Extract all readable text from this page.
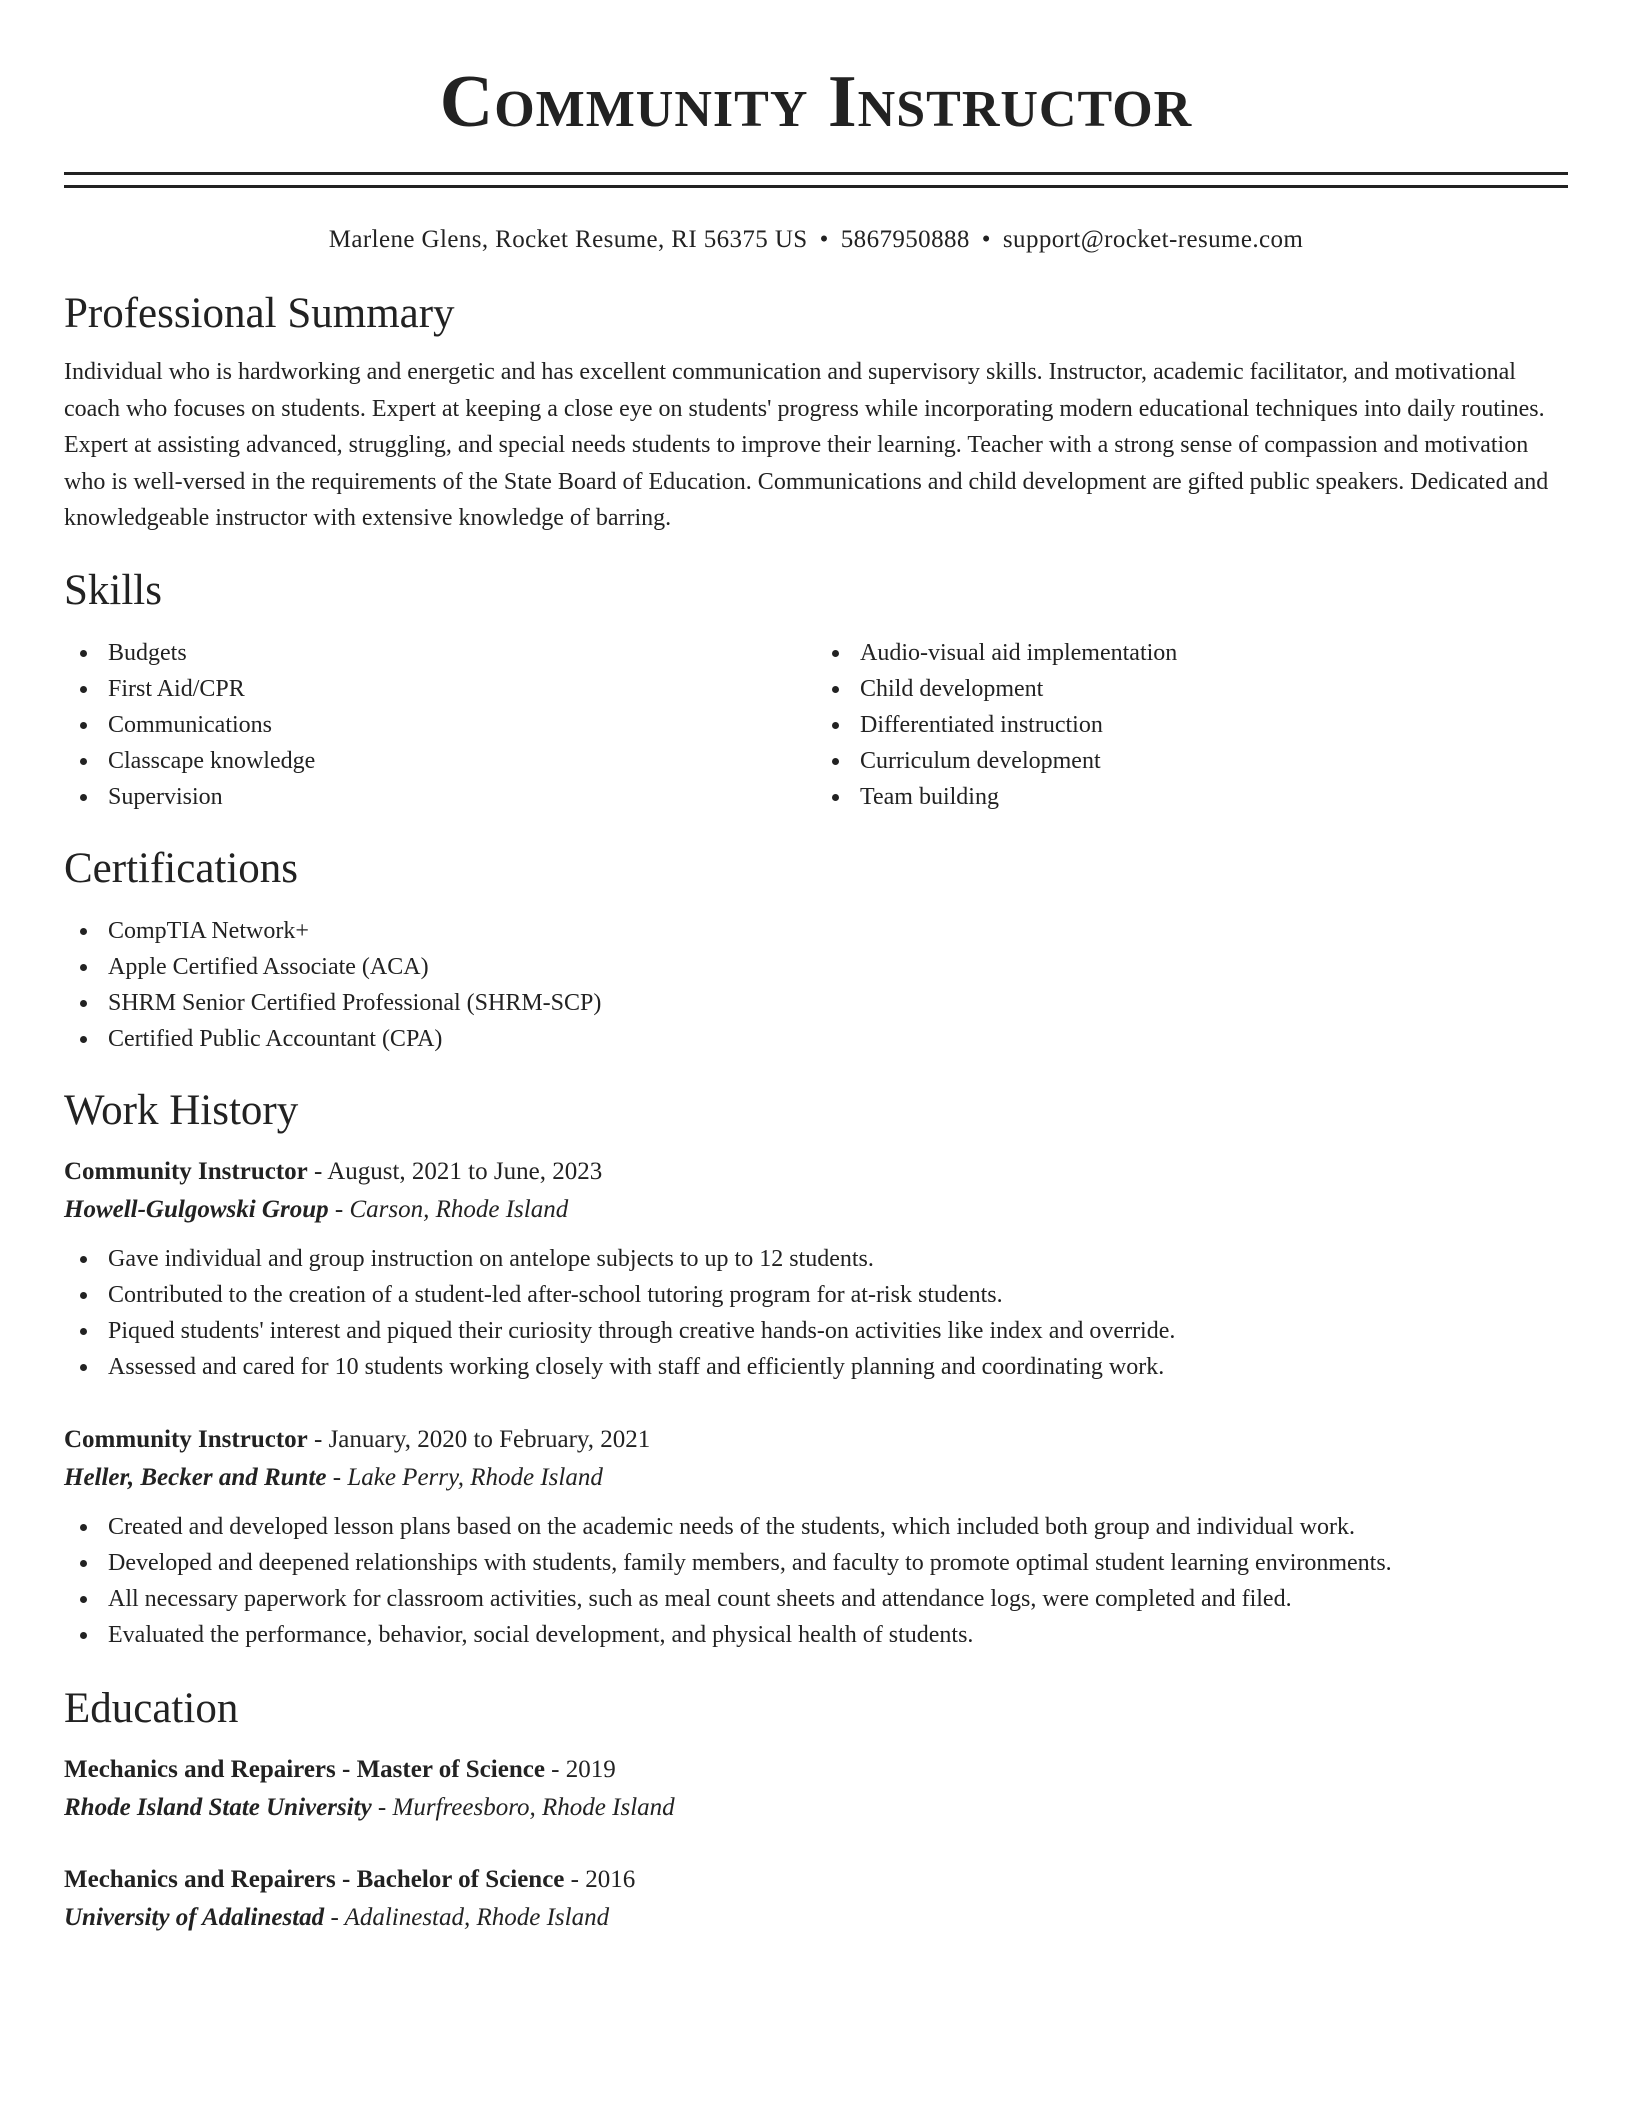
Community Instructor
Marlene Glens, Rocket Resume, RI 56375 US • 5867950888 • support@rocket-resume.com
Professional Summary
Individual who is hardworking and energetic and has excellent communication and supervisory skills. Instructor, academic facilitator, and motivational coach who focuses on students. Expert at keeping a close eye on students' progress while incorporating modern educational techniques into daily routines. Expert at assisting advanced, struggling, and special needs students to improve their learning. Teacher with a strong sense of compassion and motivation who is well-versed in the requirements of the State Board of Education. Communications and child development are gifted public speakers. Dedicated and knowledgeable instructor with extensive knowledge of barring.
Skills
Budgets
First Aid/CPR
Communications
Classcape knowledge
Supervision
Audio-visual aid implementation
Child development
Differentiated instruction
Curriculum development
Team building
Certifications
CompTIA Network+
Apple Certified Associate (ACA)
SHRM Senior Certified Professional (SHRM-SCP)
Certified Public Accountant (CPA)
Work History
Community Instructor - August, 2021 to June, 2023
Howell-Gulgowski Group - Carson, Rhode Island
Gave individual and group instruction on antelope subjects to up to 12 students.
Contributed to the creation of a student-led after-school tutoring program for at-risk students.
Piqued students' interest and piqued their curiosity through creative hands-on activities like index and override.
Assessed and cared for 10 students working closely with staff and efficiently planning and coordinating work.
Community Instructor - January, 2020 to February, 2021
Heller, Becker and Runte - Lake Perry, Rhode Island
Created and developed lesson plans based on the academic needs of the students, which included both group and individual work.
Developed and deepened relationships with students, family members, and faculty to promote optimal student learning environments.
All necessary paperwork for classroom activities, such as meal count sheets and attendance logs, were completed and filed.
Evaluated the performance, behavior, social development, and physical health of students.
Education
Mechanics and Repairers - Master of Science - 2019
Rhode Island State University - Murfreesboro, Rhode Island
Mechanics and Repairers - Bachelor of Science - 2016
University of Adalinestad - Adalinestad, Rhode Island
